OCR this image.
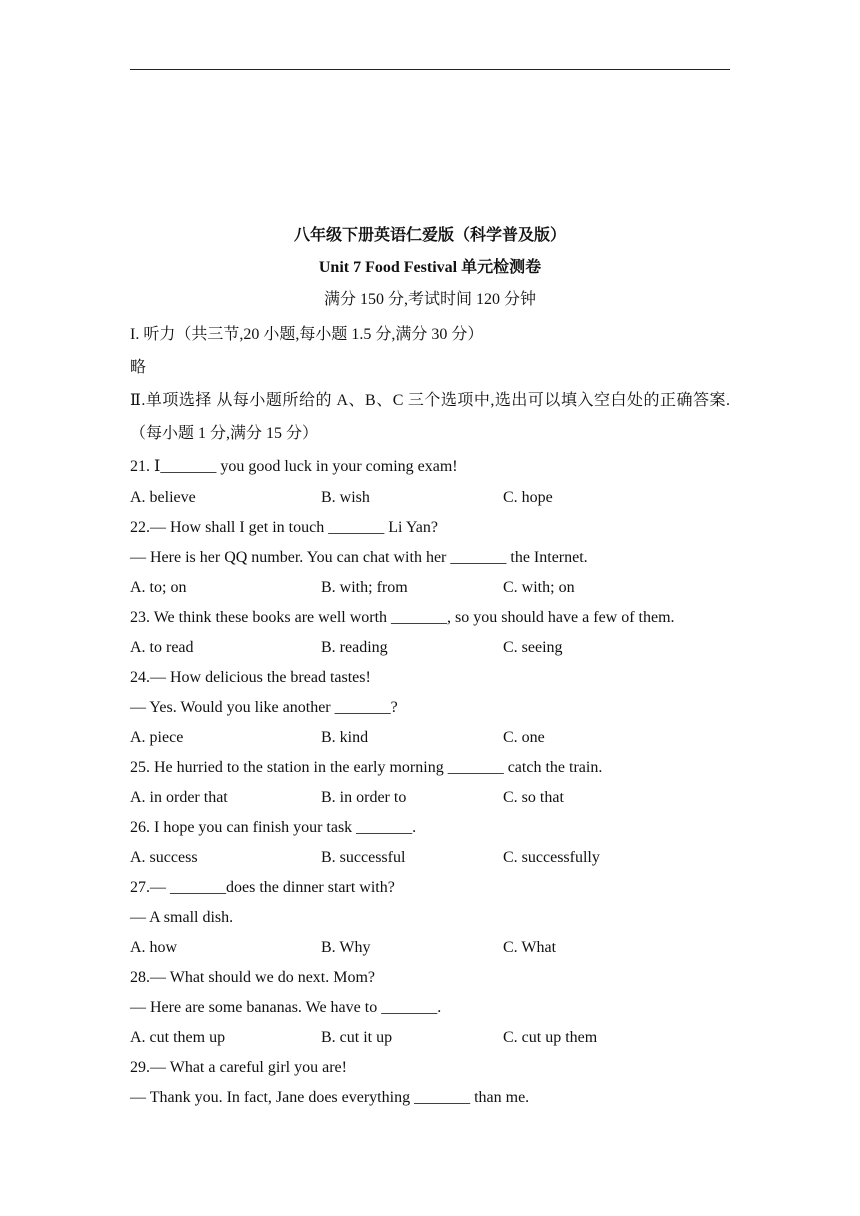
八年级下册英语仁爱版（科学普及版）
Unit 7 Food Festival 单元检测卷
满分 150 分,考试时间 120 分钟
I. 听力（共三节,20 小题,每小题 1.5 分,满分 30 分）
略
Ⅱ.单项选择 从每小题所给的 A、B、C 三个选项中,选出可以填入空白处的正确答案.（每小题 1 分,满分 15 分）
21. Ⅰ_______ you good luck in your coming exam!
A. believe	B. wish	C. hope
22.— How shall I get in touch _______ Li Yan?
— Here is her QQ number. You can chat with her _______ the Internet.
A. to; on	B. with; from	C. with; on
23. We think these books are well worth _______, so you should have a few of them.
A. to read	B. reading	C. seeing
24.— How delicious the bread tastes!
— Yes. Would you like another _______?
A. piece	B. kind	C. one
25. He hurried to the station in the early morning _______ catch the train.
A. in order that	B. in order to	C. so that
26. I hope you can finish your task _______.
A. success	B. successful	C. successfully
27.— _______does the dinner start with?
— A small dish.
A. how	B. Why	C. What
28.— What should we do next. Mom?
— Here are some bananas. We have to _______.
A. cut them up	B. cut it up	C. cut up them
29.— What a careful girl you are!
— Thank you. In fact, Jane does everything _______ than me.
